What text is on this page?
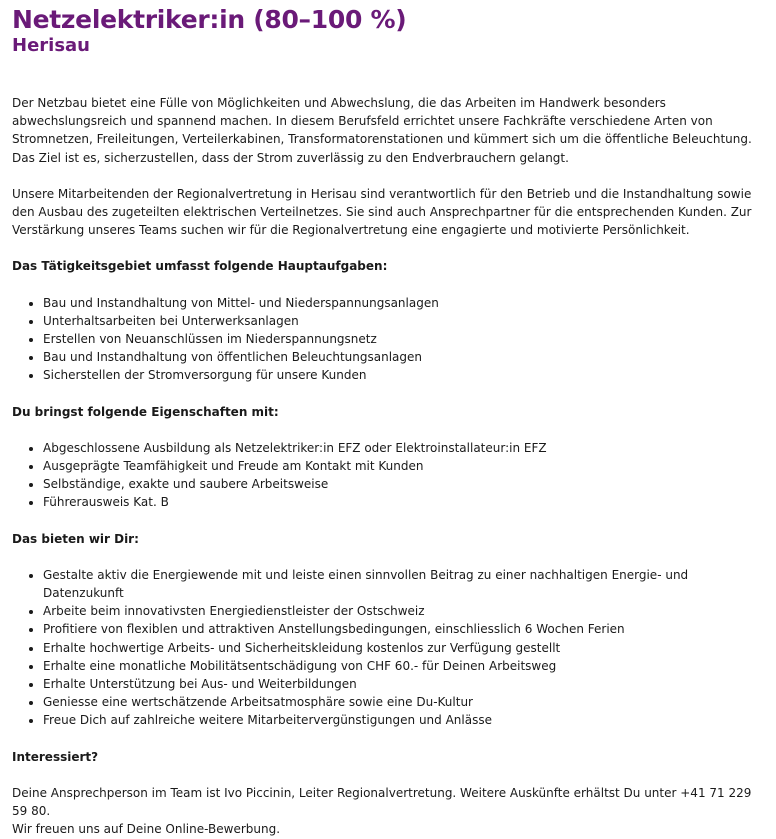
Netzelektriker:in (80–100 %)
Herisau

Der Netzbau bietet eine Fülle von Möglichkeiten und Abwechslung, die das Arbeiten im Handwerk besonders abwechslungsreich und spannend machen. In diesem Berufsfeld errichtet unsere Fachkräfte verschiedene Arten von Stromnetzen, Freileitungen, Verteilerkabinen, Transformatorenstationen und kümmert sich um die öffentliche Beleuchtung. Das Ziel ist es, sicherzustellen, dass der Strom zuverlässig zu den Endverbrauchern gelangt.

Unsere Mitarbeitenden der Regionalvertretung in Herisau sind verantwortlich für den Betrieb und die Instandhaltung sowie den Ausbau des zugeteilten elektrischen Verteilnetzes. Sie sind auch Ansprechpartner für die entsprechenden Kunden. Zur Verstärkung unseres Teams suchen wir für die Regionalvertretung eine engagierte und motivierte Persönlichkeit.

Das Tätigkeitsgebiet umfasst folgende Hauptaufgaben:

• Bau und Instandhaltung von Mittel- und Niederspannungsanlagen
• Unterhaltsarbeiten bei Unterwerksanlagen
• Erstellen von Neuanschlüssen im Niederspannungsnetz
• Bau und Instandhaltung von öffentlichen Beleuchtungsanlagen
• Sicherstellen der Stromversorgung für unsere Kunden

Du bringst folgende Eigenschaften mit:

• Abgeschlossene Ausbildung als Netzelektriker:in EFZ oder Elektroinstallateur:in EFZ
• Ausgeprägte Teamfähigkeit und Freude am Kontakt mit Kunden
• Selbständige, exakte und saubere Arbeitsweise
• Führerausweis Kat. B

Das bieten wir Dir:

• Gestalte aktiv die Energiewende mit und leiste einen sinnvollen Beitrag zu einer nachhaltigen Energie- und Datenzukunft
• Arbeite beim innovativsten Energiedienstleister der Ostschweiz
• Profitiere von flexiblen und attraktiven Anstellungsbedingungen, einschliesslich 6 Wochen Ferien
• Erhalte hochwertige Arbeits- und Sicherheitskleidung kostenlos zur Verfügung gestellt
• Erhalte eine monatliche Mobilitätsentschädigung von CHF 60.- für Deinen Arbeitsweg
• Erhalte Unterstützung bei Aus- und Weiterbildungen
• Geniesse eine wertschätzende Arbeitsatmosphäre sowie eine Du-Kultur
• Freue Dich auf zahlreiche weitere Mitarbeitervergünstigungen und Anlässe

Interessiert?

Deine Ansprechperson im Team ist Ivo Piccinin, Leiter Regionalvertretung. Weitere Auskünfte erhältst Du unter +41 71 229 59 80.

Wir freuen uns auf Deine Online-Bewerbung.
